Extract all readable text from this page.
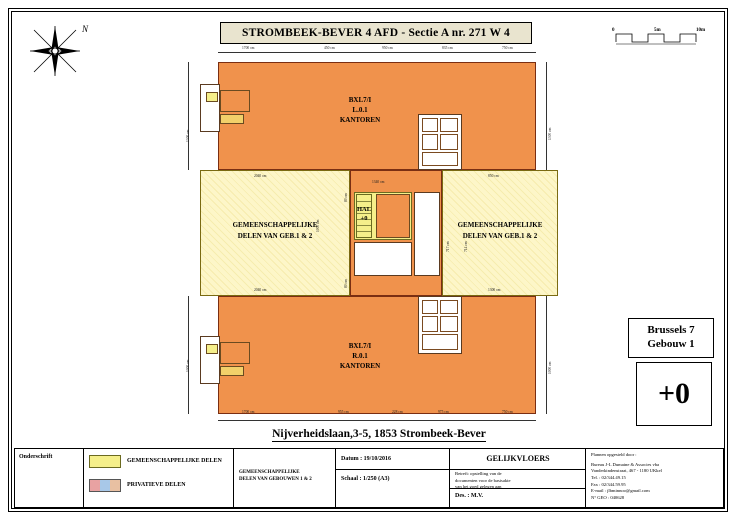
STROMBEEK-BEVER 4 AFD - Sectie A nr. 271 W 4
N	0	5m	10m
BXL7/I
L.0.1
KANTOREN
GEMEENSCHAPPELIJKE
DELEN VAN GEB.1 & 2
GEMEENSCHAPPELIJKE
DELEN VAN GEB.1 & 2
HAL
+0
BXL7/I
R.0.1
KANTOREN
1700 cm	450 cm	950 cm	835 cm	750 cm
1700 cm	955 cm	228 cm	975 cm	750 cm
1300 cm
1000 cm
1300 cm
1000 cm
850 cm
1300 cm
2040 cm
2040 cm
1340 cm
80 cm
80 cm
717 cm	714 cm
1000 cm
Nijverheidslaan,3-5, 1853 Strombeek-Bever
Brussels 7
Gebouw 1
+0
Onderschrift
GEMEENSCHAPPELIJKE DELEN
PRIVATIEVE DELEN
GEMEENSCHAPPELIJKE
DELEN VAN GEBOUWEN 1 & 2
Datum : 19/10/2016
Schaal : 1/250 (A3)
GELIJKVLOERS
Betreft: opstelling van de
documenten voor de basisakte
van het goed gelegen aan
Des. : M.V.
Plannen opgesteld door :
Bureau J-L Dumaine & Associes vba
Vanderkindenstraat, 467 - 1180 UKkel
Tel. : 02/344.49.15
Fax : 02/344.59.95
E-mail : jlbminnoo@gmail.com
N° GEO : 040628
